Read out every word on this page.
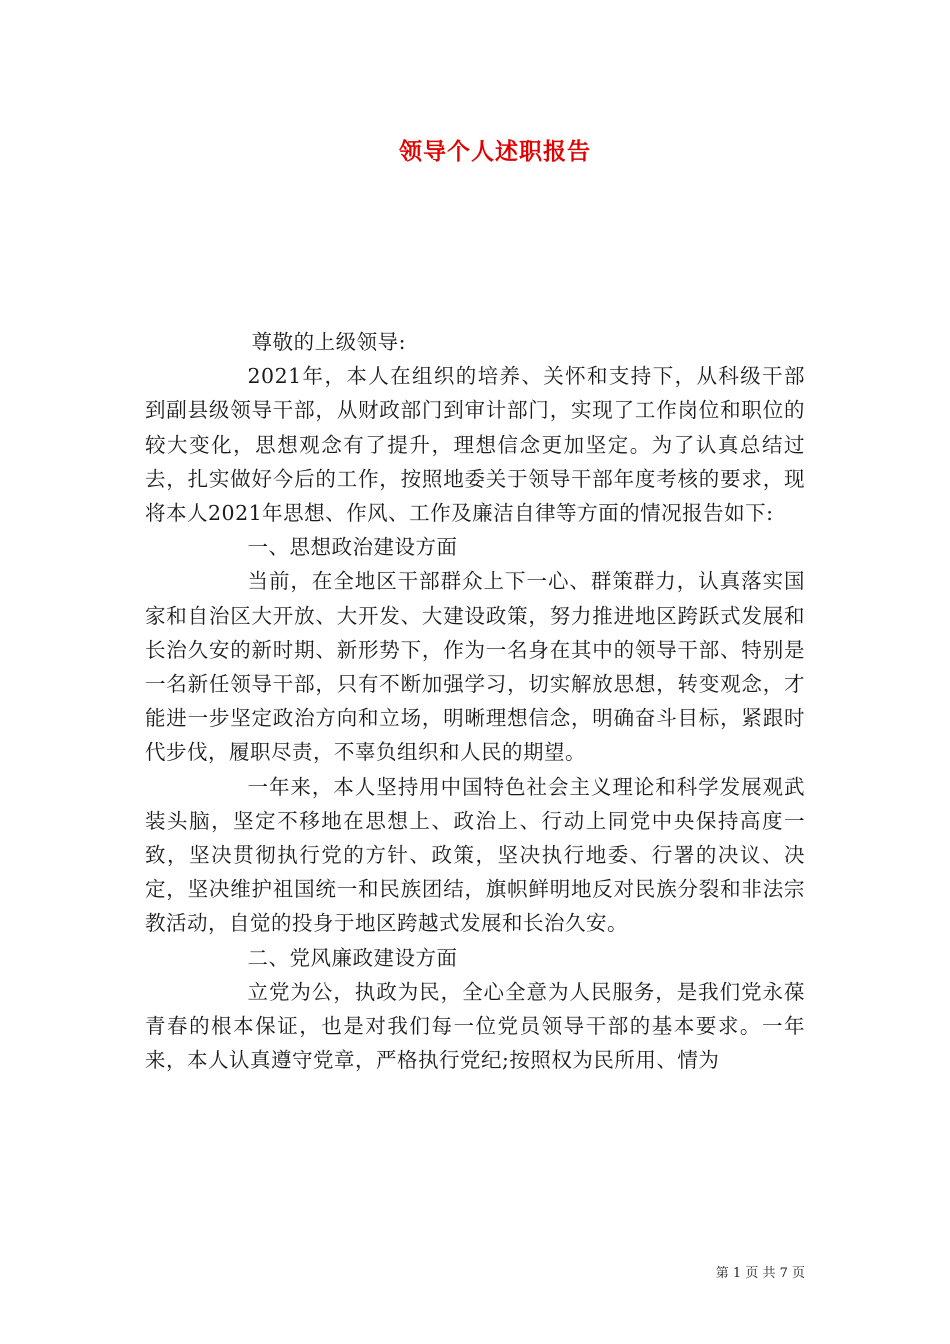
领导个人述职报告

尊敬的上级领导:

2021年，本人在组织的培养、关怀和支持下，从科级干部到副县级领导干部，从财政部门到审计部门，实现了工作岗位和职位的较大变化，思想观念有了提升，理想信念更加坚定。为了认真总结过去，扎实做好今后的工作，按照地委关于领导干部年度考核的要求，现将本人2021年思想、作风、工作及廉洁自律等方面的情况报告如下:

一、思想政治建设方面

当前，在全地区干部群众上下一心、群策群力，认真落实国家和自治区大开放、大开发、大建设政策，努力推进地区跨跃式发展和长治久安的新时期、新形势下，作为一名身在其中的领导干部、特别是一名新任领导干部，只有不断加强学习，切实解放思想，转变观念，才能进一步坚定政治方向和立场，明晰理想信念，明确奋斗目标，紧跟时代步伐，履职尽责，不辜负组织和人民的期望。

一年来，本人坚持用中国特色社会主义理论和科学发展观武装头脑，坚定不移地在思想上、政治上、行动上同党中央保持高度一致，坚决贯彻执行党的方针、政策，坚决执行地委、行署的决议、决定，坚决维护祖国统一和民族团结，旗帜鲜明地反对民族分裂和非法宗教活动，自觉的投身于地区跨越式发展和长治久安。

二、党风廉政建设方面

立党为公，执政为民，全心全意为人民服务，是我们党永葆青春的根本保证，也是对我们每一位党员领导干部的基本要求。一年来，本人认真遵守党章，严格执行党纪;按照权为民所用、情为

第 1 页 共 7 页
